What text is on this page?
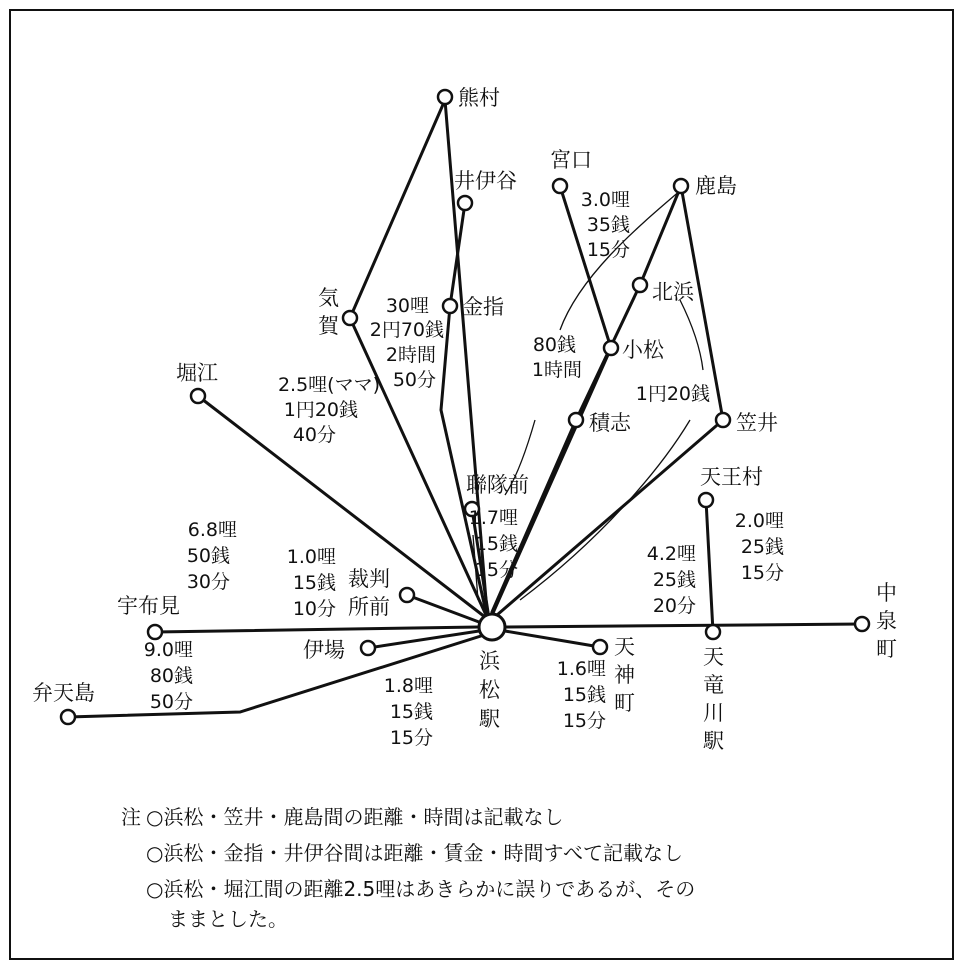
熊村
井伊谷
金指
気
賀
堀江
宮口
鹿島
北浜
小松
積志	笠井
聯隊前	天王村
中
泉
町
天
竜
川
駅
天
神
町
裁判
所前
伊場
宇布見
弁天島
浜
松
駅
30哩
2円70銭
2時間
50分
2.5哩(ママ)
1円20銭
40分
3.0哩
35銭
15分
80銭
1時間
1円20銭
1.7哩
15銭
15分
2.0哩
25銭
15分
4.2哩
25銭
20分
6.8哩
50銭
30分
1.0哩
15銭
10分
9.0哩
80銭
50分
1.8哩
15銭
15分
1.6哩
15銭
15分
注 ○浜松・笠井・鹿島間の距離・時間は記載なし
○浜松・金指・井伊谷間は距離・賃金・時間すべて記載なし
○浜松・堀江間の距離2.5哩はあきらかに誤りであるが、その
ままとした。
